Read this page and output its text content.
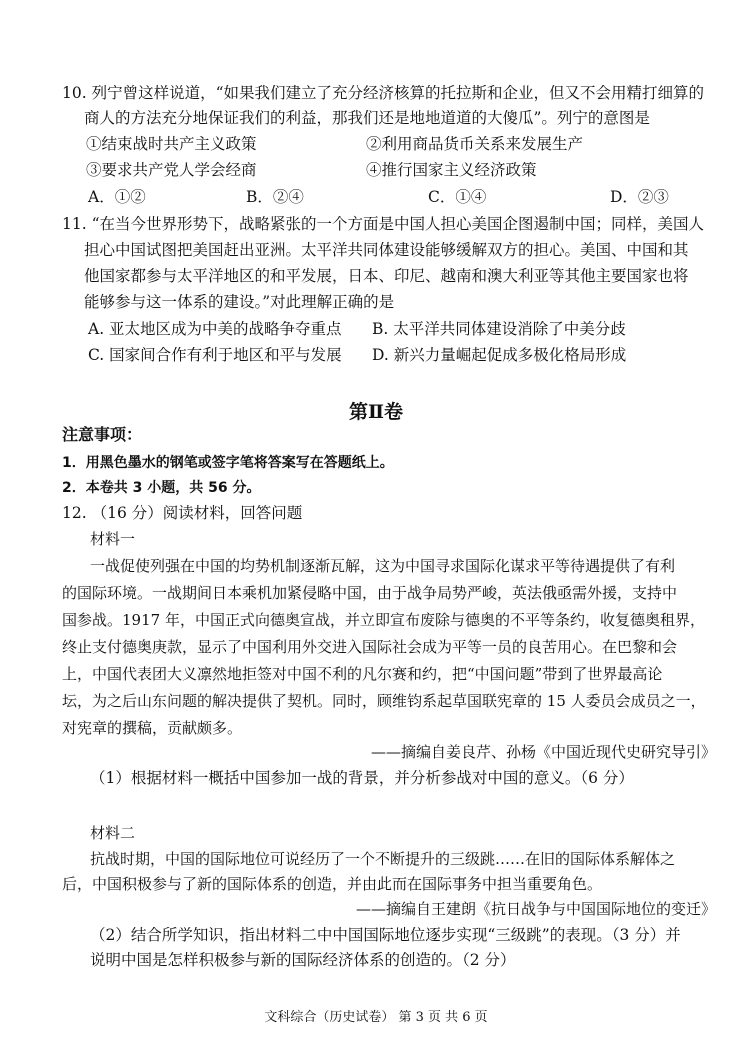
10. 列宁曾这样说道，“如果我们建立了充分经济核算的托拉斯和企业，但又不会用精打细算的
商人的方法充分地保证我们的利益，那我们还是地地道道的大傻瓜”。列宁的意图是
①结束战时共产主义政策	②利用商品货币关系来发展生产
③要求共产党人学会经商	④推行国家主义经济政策
A．①②	B．②④	C．①④	D．②③
11. “在当今世界形势下，战略紧张的一个方面是中国人担心美国企图遏制中国；同样，美国人
担心中国试图把美国赶出亚洲。太平洋共同体建设能够缓解双方的担心。美国、中国和其
他国家都参与太平洋地区的和平发展，日本、印尼、越南和澳大利亚等其他主要国家也将
能够参与这一体系的建设。”对此理解正确的是
A. 亚太地区成为中美的战略争夺重点 B. 太平洋共同体建设消除了中美分歧
C. 国家间合作有利于地区和平与发展 D. 新兴力量崛起促成多极化格局形成
第Ⅱ卷
注意事项：
1．用黑色墨水的钢笔或签字笔将答案写在答题纸上。
2．本卷共 3 小题，共 56 分。
12. （16 分）阅读材料，回答问题
材料一
一战促使列强在中国的均势机制逐渐瓦解，这为中国寻求国际化谋求平等待遇提供了有利
的国际环境。一战期间日本乘机加紧侵略中国，由于战争局势严峻，英法俄亟需外援，支持中
国参战。1917 年，中国正式向德奥宣战，并立即宣布废除与德奥的不平等条约，收复德奥租界，
终止支付德奥庚款，显示了中国利用外交进入国际社会成为平等一员的良苦用心。在巴黎和会
上，中国代表团大义凛然地拒签对中国不利的凡尔赛和约，把“中国问题”带到了世界最高论
坛，为之后山东问题的解决提供了契机。同时，顾维钧系起草国联宪章的 15 人委员会成员之一，
对宪章的撰稿，贡献颇多。
——摘编自姜良芹、孙杨《中国近现代史研究导引》
（1）根据材料一概括中国参加一战的背景，并分析参战对中国的意义。（6 分）
材料二
抗战时期，中国的国际地位可说经历了一个不断提升的三级跳……在旧的国际体系解体之
后，中国积极参与了新的国际体系的创造，并由此而在国际事务中担当重要角色。
——摘编自王建朗《抗日战争与中国国际地位的变迁》
（2）结合所学知识，指出材料二中中国国际地位逐步实现“三级跳”的表现。（3 分）并
说明中国是怎样积极参与新的国际经济体系的创造的。（2 分）
文科综合（历史试卷） 第 3 页 共 6 页
